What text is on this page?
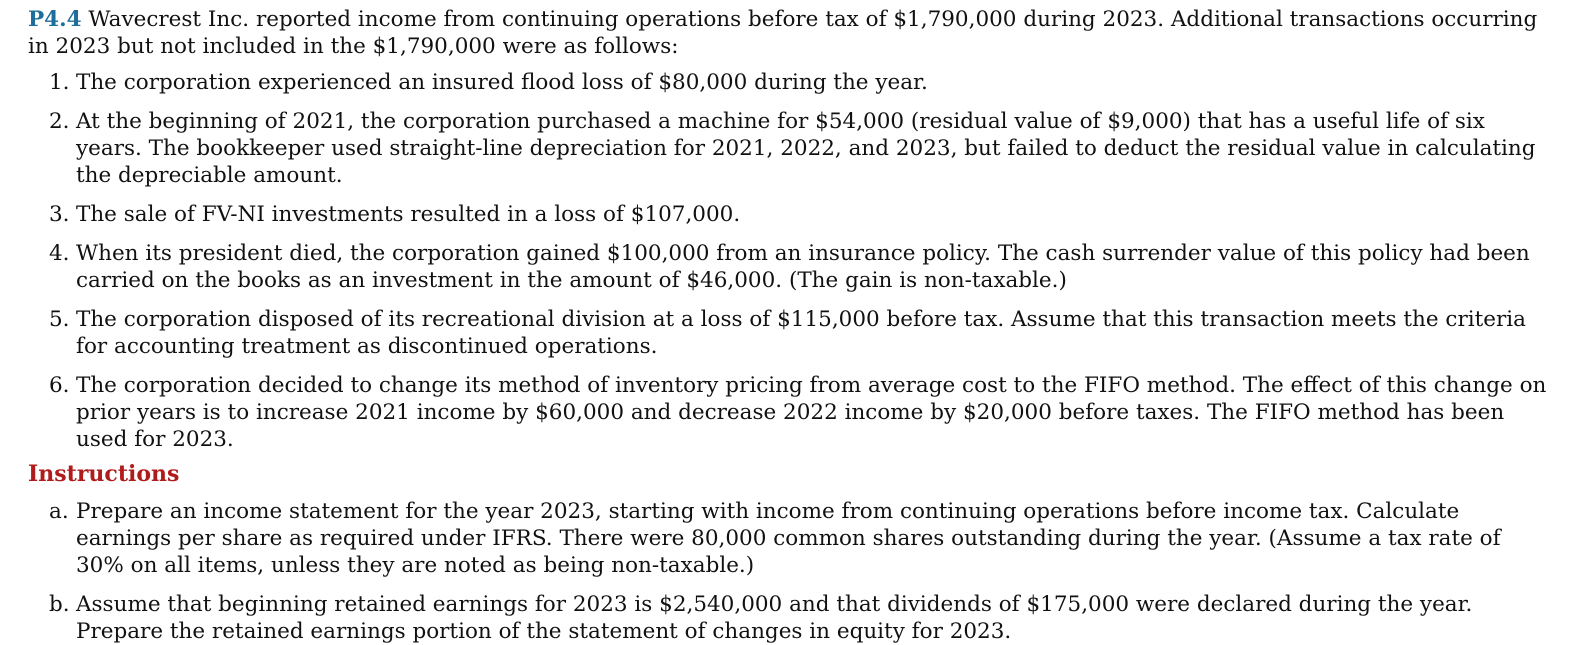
P4.4 Wavecrest Inc. reported income from continuing operations before tax of $1,790,000 during 2023. Additional transactions occurring in 2023 but not included in the $1,790,000 were as follows:

1. The corporation experienced an insured flood loss of $80,000 during the year.
2. At the beginning of 2021, the corporation purchased a machine for $54,000 (residual value of $9,000) that has a useful life of six years. The bookkeeper used straight-line depreciation for 2021, 2022, and 2023, but failed to deduct the residual value in calculating the depreciable amount.
3. The sale of FV-NI investments resulted in a loss of $107,000.
4. When its president died, the corporation gained $100,000 from an insurance policy. The cash surrender value of this policy had been carried on the books as an investment in the amount of $46,000. (The gain is non-taxable.)
5. The corporation disposed of its recreational division at a loss of $115,000 before tax. Assume that this transaction meets the criteria for accounting treatment as discontinued operations.
6. The corporation decided to change its method of inventory pricing from average cost to the FIFO method. The effect of this change on prior years is to increase 2021 income by $60,000 and decrease 2022 income by $20,000 before taxes. The FIFO method has been used for 2023.
Instructions
a. Prepare an income statement for the year 2023, starting with income from continuing operations before income tax. Calculate earnings per share as required under IFRS. There were 80,000 common shares outstanding during the year. (Assume a tax rate of 30% on all items, unless they are noted as being non-taxable.)
b. Assume that beginning retained earnings for 2023 is $2,540,000 and that dividends of $175,000 were declared during the year. Prepare the retained earnings portion of the statement of changes in equity for 2023.
